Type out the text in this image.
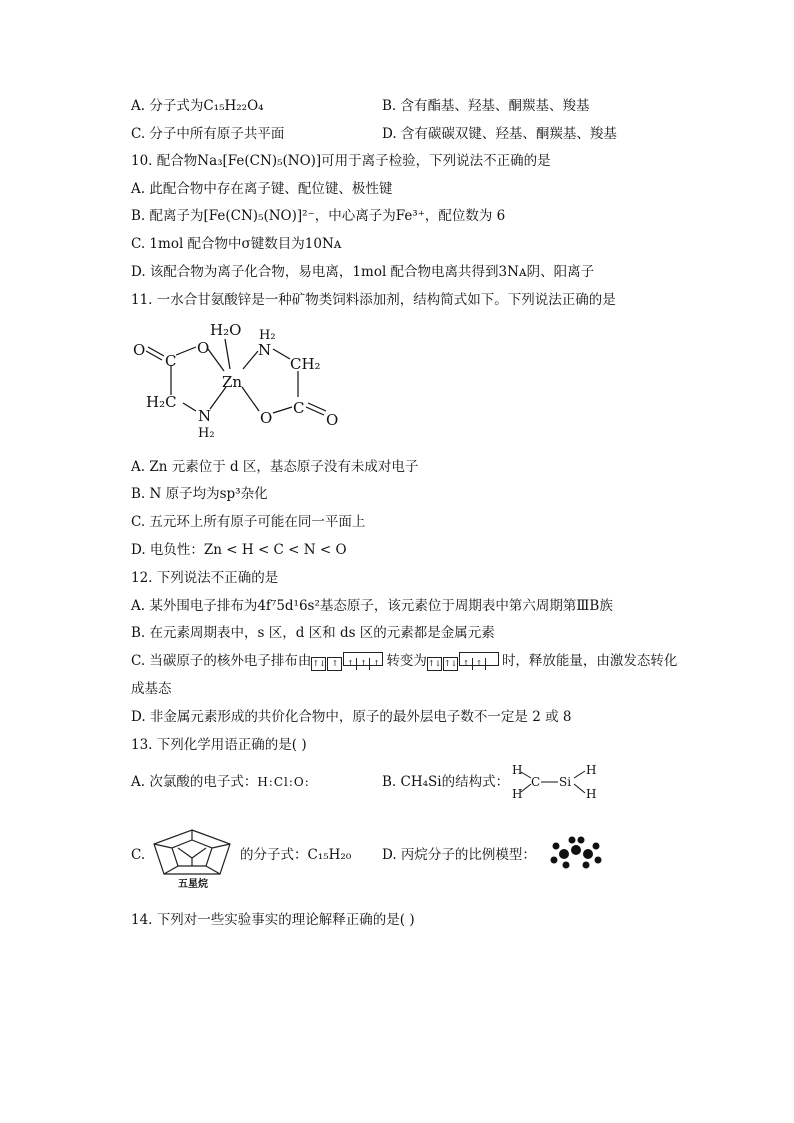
A. 分子式为C₁₅H₂₂O₄	B. 含有酯基、羟基、酮羰基、羧基
C. 分子中所有原子共平面	D. 含有碳碳双键、羟基、酮羰基、羧基
10. 配合物Na₃[Fe(CN)₅(NO)]可用于离子检验，下列说法不正确的是
A. 此配合物中存在离子键、配位键、极性键
B. 配离子为[Fe(CN)₅(NO)]²⁻，中心离子为Fe³⁺，配位数为 6
C. 1mol 配合物中σ键数目为10Nᴀ
D. 该配合物为离子化合物，易电离，1mol 配合物电离共得到3Nᴀ阴、阳离子
11. 一水合甘氨酸锌是一种矿物类饲料添加剂，结构简式如下。下列说法正确的是
H₂O H₂
O
C
O	N
CH₂
Zn
H₂C
N	O
C
O
H₂
A. Zn 元素位于 d 区，基态原子没有未成对电子
B. N 原子均为sp³杂化
C. 五元环上所有原子可能在同一平面上
D. 电负性：Zn < H < C < N < O
12. 下列说法不正确的是
A. 某外围电子排布为4f⁷5d¹6s²基态原子，该元素位于周期表中第六周期第ⅢB族
B. 在元素周期表中，s 区，d 区和 ds 区的元素都是金属元素
C. 当碳原子的核外电子排布由↑↓ ↑ ↑ ↑ ↑ 转变为↑↓ ↑↓ ↑ ↑ 时，释放能量，由激发态转化
成基态
D. 非金属元素形成的共价化合物中，原子的最外层电子数不一定是 2 或 8
13. 下列化学用语正确的是( )
A. 次氯酸的电子式：H:Cl:O:	B. CH₄Si的结构式：
H
H
C Si
H
H
C.
五星烷
的分子式：C₁₅H₂₀ D. 丙烷分子的比例模型：
14. 下列对一些实验事实的理论解释正确的是( )
